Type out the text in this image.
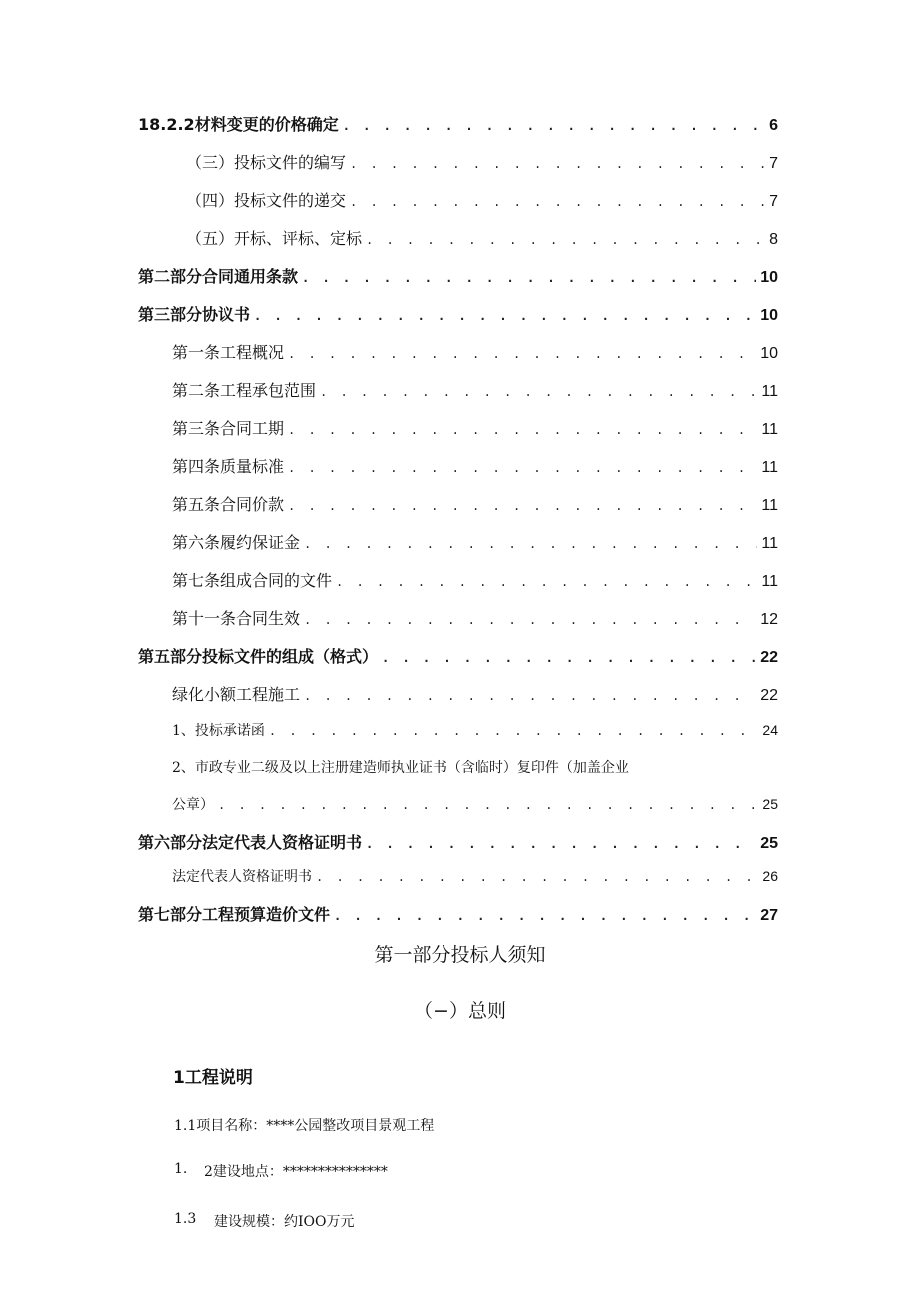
18.2.2材料变更的价格确定 . . .	6
（三）投标文件的编写 . . .	7
（四）投标文件的递交 . . .	7
（五）开标、评标、定标 . . .	8
第二部分合同通用条款 . . .	10
第三部分协议书 . . .	10
第一条工程概况 . . .	10
第二条工程承包范围 . . .	11
第三条合同工期 . . .	11
第四条质量标准 . . .	11
第五条合同价款 . . .	11
第六条履约保证金 . . .	11
第七条组成合同的文件 . . .	11
第十一条合同生效 . . .	12
第五部分投标文件的组成（格式） . . .	22
绿化小额工程施工 . . .	22
1、投标承诺函 . . .	24
2、市政专业二级及以上注册建造师执业证书（含临时）复印件（加盖企业
公章） . . .	25
第六部分法定代表人资格证明书 . . .	25
法定代表人资格证明书 . . .	26
第七部分工程预算造价文件 . . .	27
第一部分投标人须知
（−）总则
1工程说明
1.1项目名称：****公园整改项目景观工程
1. 2建设地点：***************
1.3 建设规模：约IOO万元
